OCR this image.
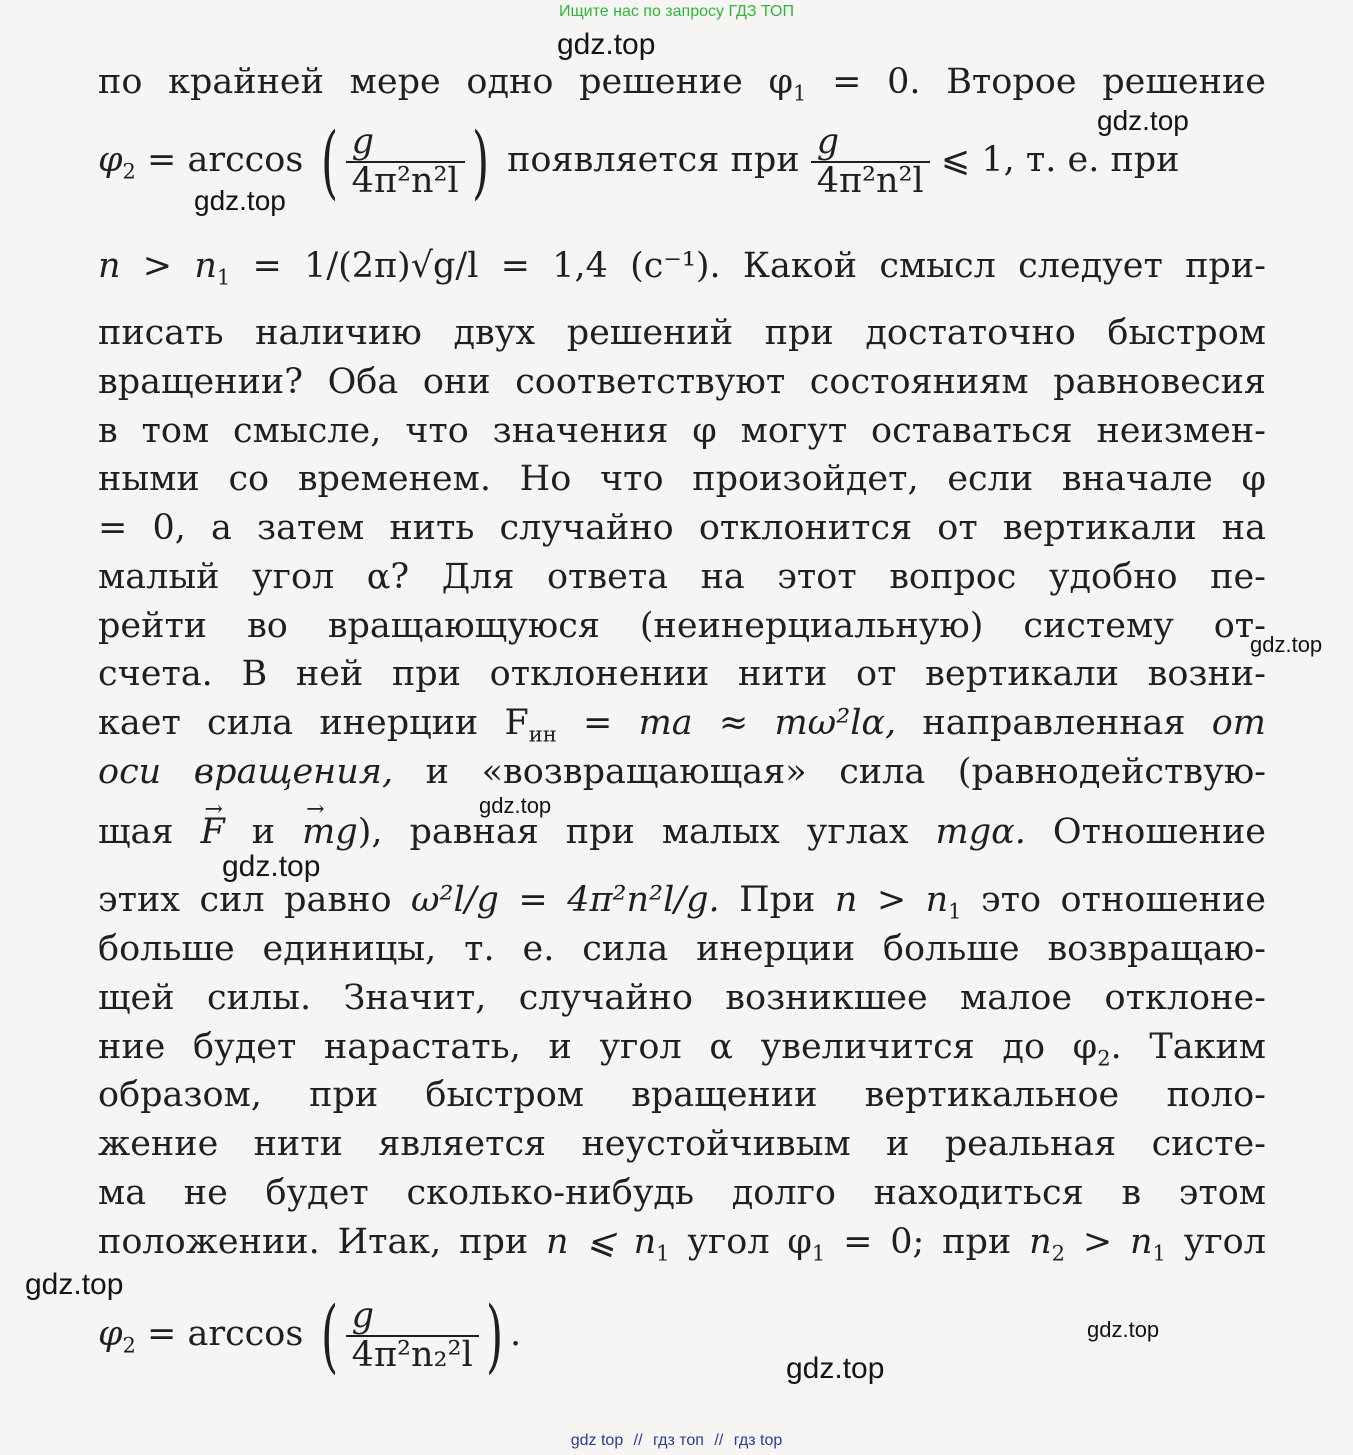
Ищите нас по запросу ГДЗ ТОП
gdz.top
gdz.top
gdz.top
gdz.top
gdz.top
gdz.top
gdz.top
gdz.top
gdz.top
по крайней мере одно решение $\varphi_1 = 0$. Второе решение
$\varphi_2 = \arccos$ ( $\frac{g}{\text{4π²n²l}}$ ) появляется при $\frac{g}{\text{4π²n²l}}$ ⩽ 1, т. е. при
$n > n_1 = 1/(2\pi)√g/l = 1,4$ (с⁻¹). Какой смысл следует при-
писать наличию двух решений при достаточно быстром
вращении? Оба они соответствуют состояниям равновесия
в том смысле, что значения φ могут оставаться неизмен-
ными со временем. Но что произойдет, если вначале φ
= 0, а затем нить случайно отклонится от вертикали на
малый угол α? Для ответа на этот вопрос удобно пе-
рейти во вращающуюся (неинерциальную) систему от-
счета. В ней при отклонении нити от вертикали возни-
кает сила инерции $F_{ин}$ = ma ≈ mω²lα, направленная от
оси вращения, и «возвращающая» сила (равнодействую-
щая → F и → mg), равная при малых углах mgα. Отношение
этих сил равно ω²l/g = 4π²n²l/g. При $n > n_1$ это отношение
больше единицы, т. е. сила инерции больше возвращаю-
щей силы. Значит, случайно возникшее малое отклоне-
ние будет нарастать, и угол α увеличится до $\varphi_2$. Таким
образом, при быстром вращении вертикальное поло-
жение нити является неустойчивым и реальная систе-
ма не будет сколько-нибудь долго находиться в этом
положении. Итак, при n ⩽ $n_1$ угол $\varphi_1 = 0$; при $n_2 > n_1$ угол
$\varphi_2 = \arccos$ ( $\frac{g}{\text{4π²n₂²l}}$ ) .
gdz top // гдз топ // гдз top
